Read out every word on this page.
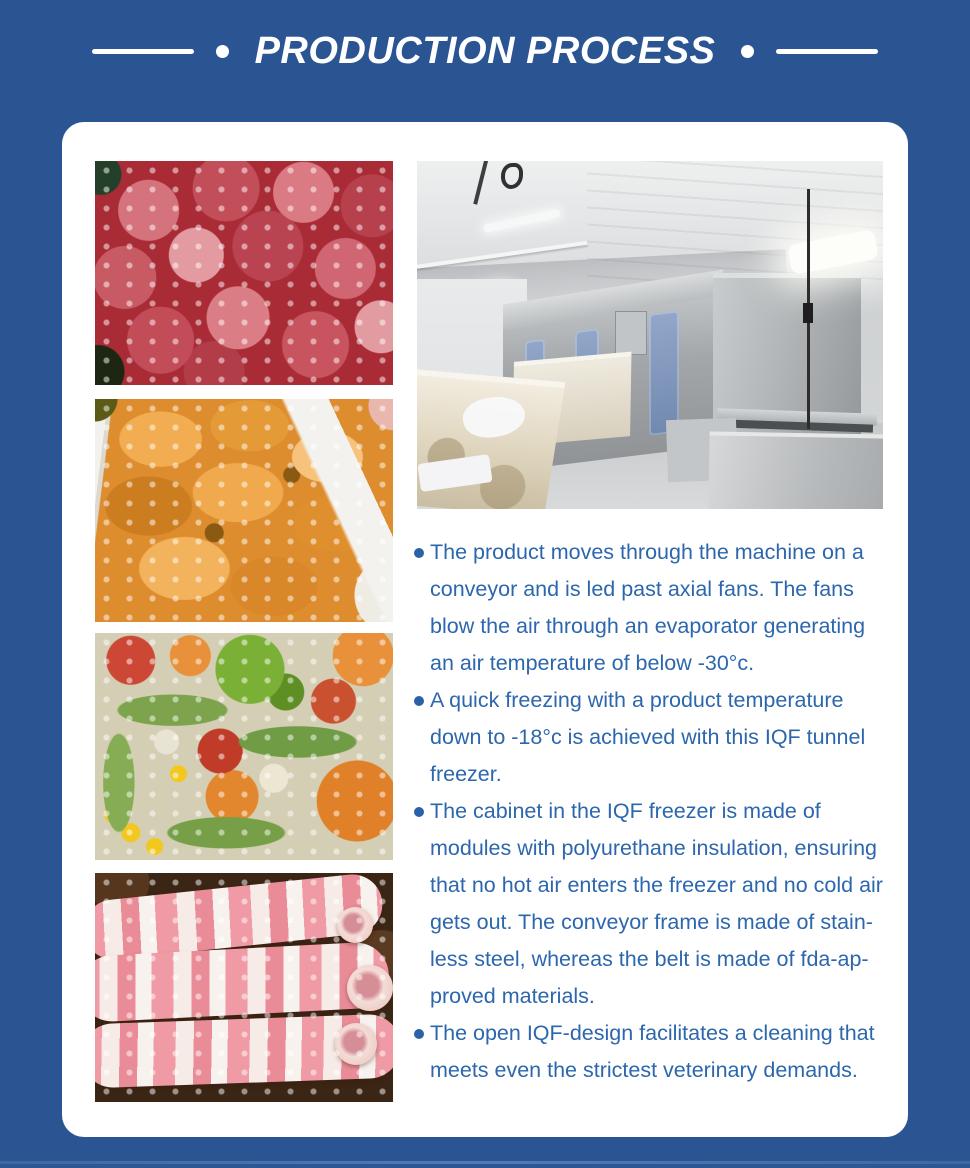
PRODUCTION PROCESS
The product moves through the machine on a conveyor and is led past axial fans. The fans blow the air through an evaporator generating an air temperature of below -30°c.
A quick freezing with a product temperature down to -18°c is achieved with this IQF tunnel freezer.
The cabinet in the IQF freezer is made of modules with polyurethane insulation, ensuring that no hot air enters the freezer and no cold air gets out. The conveyor frame is made of stain-less steel, whereas the belt is made of fda-ap-proved materials.
The open IQF-design facilitates a cleaning that meets even the strictest veterinary demands.
